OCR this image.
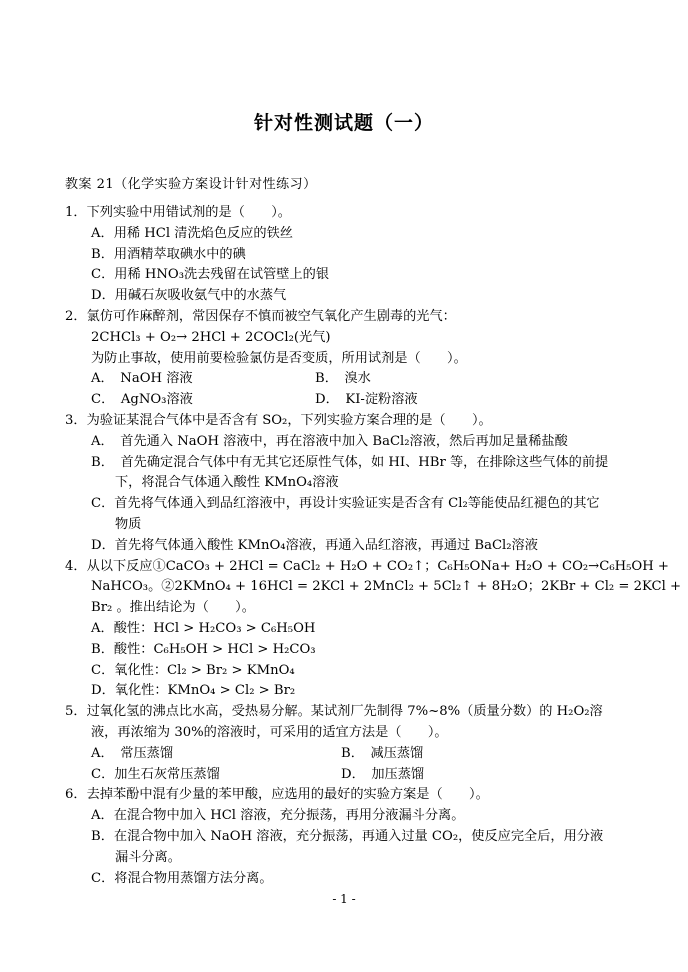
针对性测试题（一）
教案 21（化学实验方案设计针对性练习）
1．下列实验中用错试剂的是（　　）。
A．用稀 HCl 清洗焰色反应的铁丝
B．用酒精萃取碘水中的碘
C．用稀 HNO₃洗去残留在试管壁上的银
D．用碱石灰吸收氨气中的水蒸气
2．氯仿可作麻醉剂，常因保存不慎而被空气氧化产生剧毒的光气：
2CHCl₃ + O₂→ 2HCl + 2COCl₂(光气)
为防止事故，使用前要检验氯仿是否变质，所用试剂是（　　）。
A．　NaOH 溶液	B．　溴水
C．　AgNO₃溶液	D．　KI-淀粉溶液
3．为验证某混合气体中是否含有 SO₂，下列实验方案合理的是（　　）。
A．　首先通入 NaOH 溶液中，再在溶液中加入 BaCl₂溶液，然后再加足量稀盐酸
B．　首先确定混合气体中有无其它还原性气体，如 HI、HBr 等，在排除这些气体的前提
下，将混合气体通入酸性 KMnO₄溶液
C．首先将气体通入到品红溶液中，再设计实验证实是否含有 Cl₂等能使品红褪色的其它
物质
D．首先将气体通入酸性 KMnO₄溶液，再通入品红溶液，再通过 BaCl₂溶液
4．从以下反应①CaCO₃ + 2HCl = CaCl₂ + H₂O + CO₂↑；C₆H₅ONa+ H₂O + CO₂→C₆H₅OH +
NaHCO₃。②2KMnO₄ + 16HCl = 2KCl + 2MnCl₂ + 5Cl₂↑ + 8H₂O；2KBr + Cl₂ = 2KCl +
Br₂ 。推出结论为（　　）。
A．酸性：HCl > H₂CO₃ > C₆H₅OH
B．酸性：C₆H₅OH > HCl > H₂CO₃
C．氧化性：Cl₂ > Br₂ > KMnO₄
D．氧化性：KMnO₄ > Cl₂ > Br₂
5．过氧化氢的沸点比水高，受热易分解。某试剂厂先制得 7%~8%（质量分数）的 H₂O₂溶
液，再浓缩为 30%的溶液时，可采用的适宜方法是（　　）。
A．　常压蒸馏	B．　减压蒸馏
C．加生石灰常压蒸馏	D．　加压蒸馏
6．去掉苯酚中混有少量的苯甲酸，应选用的最好的实验方案是（　　）。
A．在混合物中加入 HCl 溶液，充分振荡，再用分液漏斗分离。
B．在混合物中加入 NaOH 溶液，充分振荡，再通入过量 CO₂，使反应完全后，用分液
漏斗分离。
C．将混合物用蒸馏方法分离。
- 1 -
